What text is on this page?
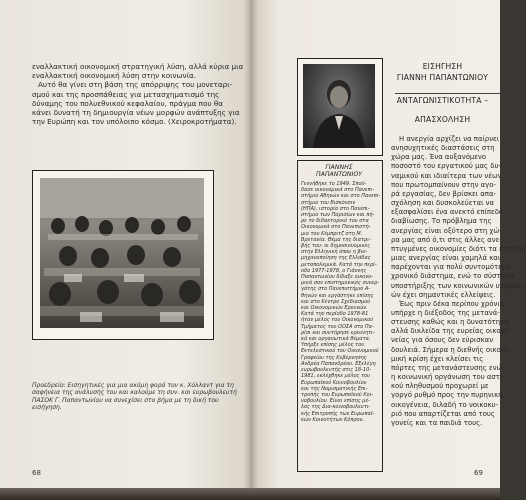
εναλλακτική οικονομική στρατηγική λύση, αλλά κύρια μια
εναλλακτική οικονομική λύση στην κοινωνία.
Αυτό θα γίνει στη βάση της απόρριψης του μονεταρι-
σμού και της προσπάθειας για μετασχηματισμό της
δύναμης του πολυεθνικού κεφαλαίου, πράγμα που θα
κάνει δυνατή τη δημιουργία νέων μορφών ανάπτυξης για
την Ευρώπη και τον υπόλοιπο κόσμο. (Χειροκροτήματα).
Προεδρείο: Εισηγητικές για μια ακόμη φορά τον κ. Χόλλαντ για τη
σαφήνεια της ανάλυσής του και καλούμε τη συν. και ευρωβουλευτή
ΠΑΣΟΚ Γ. Παπαντωνίου να συνεχίσει στο βήμα με τη δική του
εισήγηση.
68
ΓΙΑΝΝΗΣ
ΠΑΠΑΝΤΩΝΙΟΥ
Γεννήθηκε το 1949. Σπού-
δασε οικονομικά στο Πανεπι-
στήμιο Αθηνών και στο Πανεπι-
στήμιο του Βισκόνσιν
(ΗΠΑ), ιστορία στο Πανεπι-
στήμιο των Παρισίων και πή-
ρε το διδακτορικό του στα
Οικονομικά στο Πανεπιστή-
μιο του Κέμπριτζ στη Μ.
Βρετανία. Θέμα της διατρι-
βής του: οι δημοσιονομικές
στην Ελληνική όπου η βιο-
μηχανοποίηση της Ελλάδας
μεταπολεμικά. Κατά την περί-
οδο 1977-1978, ο Γιάννης
Παπαντωνίου δίδαξε οικονο-
μικά σαν επιστημονικός συνερ-
γάτης στο Πανεπιστήμιο Α-
θηνών και εργάστηκε επίσης
και στο Κέντρο Σχεδιασμού
και Οικονομικών Ερευνών.
Κατά την περίοδο 1978-81
ήταν μέλος του Οικονομικού
Τμήματος του ΟΟΣΑ στο Πα-
ρίσι και συντήρησε ερευνητι-
κά και οργανωτικά θέματα.
Υπήρξε επίσης μέλος του
Εκτελεστικού του Οικονομικού
Γραφείου της Κυβέρνησης
Ανδρέα Παπανδρέου. Εξελέγη
ευρωβουλευτής στις 18-10-
1981, εκλέχθηκε μέλος του
Ευρωπαϊκού Κοινοβουλίου
και της Νομισματικής Επι-
τροπής του Ευρωπαϊκού Κοι-
νοβουλίου. Είναι επίσης μέ-
λος της Δια-κοινοβουλευτι-
κής Επιτροπής των Ευρωπαϊ-
κών Κοινοτήτων Κύπρου.
ΕΙΣΗΓΗΣΗ
ΓΙΑΝΝΗ ΠΑΠΑΝΤΩΝΙΟΥ
ΑΝΤΑΓΩΝΙΣΤΙΚΟΤΗΤΑ –
ΑΠΑΣΧΟΛΗΣΗ
Η ανεργία αρχίζει να παίρνει
ανησυχητικές διαστάσεις στη
χώρα μας. Ένα αυξανόμενο
ποσοστό του εργατικού μας δυ-
ναμικού και ιδιαίτερα των νέων
που πρωτομπαίνουν στην αγο-
ρά εργασίας, δεν βρίσκει απα-
σχόληση και δυσκολεύεται να
εξασφαλίσει ένα ανεκτό επίπεδο
διαβίωσης. Το πρόβλημα της
ανεργίας είναι οξύτερο στη χώ-
ρα μας από ό,τι στις άλλες ανε-
πτυγμένες οικονομίες διότι τα επίπεδα
μιας ανεργίας είναι χαμηλά και
παρέχονται για πολύ συντομότερο
χρονικό διάστημα, ενώ το σύστημα
υποστήριξης των κοινωνικών υπηρεσι-
ών έχει σημαντικές ελλείψεις.
Έως πριν δέκα περίπου χρόνια
υπήρχε η διέξοδος της μετανά-
στευσης καθώς και η δυνατότητα
αλλά δικλείδα της ευρείας οικογε-
νείας για όσους δεν εύρισκαν
δουλειά. Σήμερα η διεθνής οικονο-
μική κρίση έχει κλείσει τις
πόρτες της μετανάστευσης ενώ
η κοινωνική οργάνωση του αστι-
κού πληθυσμού προχωρεί με
γοργό ρυθμό προς την πυρηνική
οικογένεια, διλαδή το νοικοκυ-
ριό που απαρτίζεται από τους
γονείς και τα παιδιά τους.
69
